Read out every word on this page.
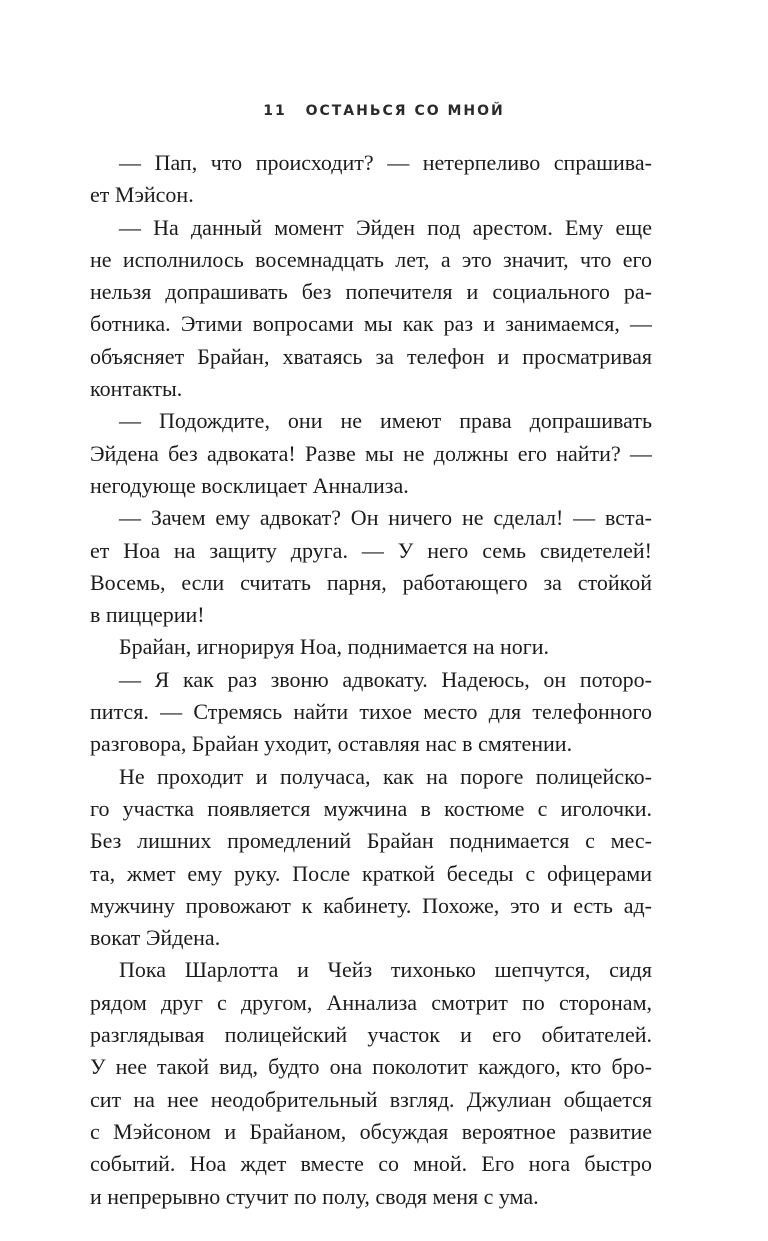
11 ОСТАНЬСЯ СО МНОЙ
— Пап, что происходит? — нетерпеливо спрашива-
ет Мэйсон.
— На данный момент Эйден под арестом. Ему еще
не исполнилось восемнадцать лет, а это значит, что его
нельзя допрашивать без попечителя и социального ра-
ботника. Этими вопросами мы как раз и занимаемся, —
объясняет Брайан, хватаясь за телефон и просматривая
контакты.
— Подождите, они не имеют права допрашивать
Эйдена без адвоката! Разве мы не должны его найти? —
негодующе восклицает Аннализа.
— Зачем ему адвокат? Он ничего не сделал! — вста-
ет Ноа на защиту друга. — У него семь свидетелей!
Восемь, если считать парня, работающего за стойкой
в пиццерии!
Брайан, игнорируя Ноа, поднимается на ноги.
— Я как раз звоню адвокату. Надеюсь, он поторо-
пится. — Стремясь найти тихое место для телефонного
разговора, Брайан уходит, оставляя нас в смятении.
Не проходит и получаса, как на пороге полицейско-
го участка появляется мужчина в костюме с иголочки.
Без лишних промедлений Брайан поднимается с мес-
та, жмет ему руку. После краткой беседы с офицерами
мужчину провожают к кабинету. Похоже, это и есть ад-
вокат Эйдена.
Пока Шарлотта и Чейз тихонько шепчутся, сидя
рядом друг с другом, Аннализа смотрит по сторонам,
разглядывая полицейский участок и его обитателей.
У нее такой вид, будто она поколотит каждого, кто бро-
сит на нее неодобрительный взгляд. Джулиан общается
с Мэйсоном и Брайаном, обсуждая вероятное развитие
событий. Ноа ждет вместе со мной. Его нога быстро
и непрерывно стучит по полу, сводя меня с ума.
